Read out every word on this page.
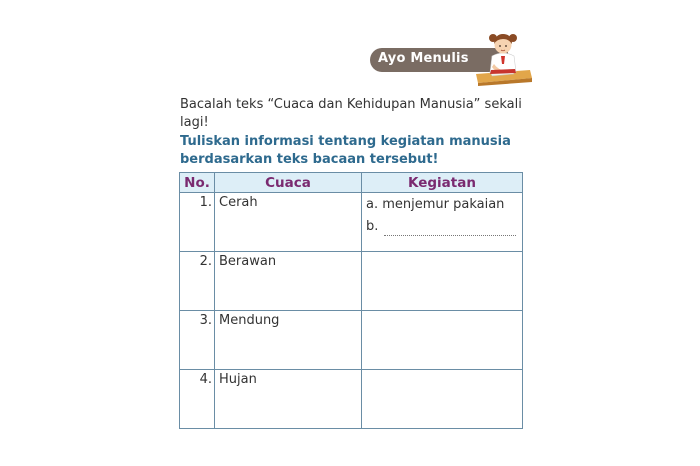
Ayo Menulis
Bacalah teks “Cuaca dan Kehidupan Manusia” sekali lagi!
Tuliskan informasi tentang kegiatan manusia
berdasarkan teks bacaan tersebut!
No.	Cuaca	Kegiatan
1.	Cerah	a. menjemur pakaian
b.

2.	Berawan	
3.	Mendung	
4.	Hujan	
